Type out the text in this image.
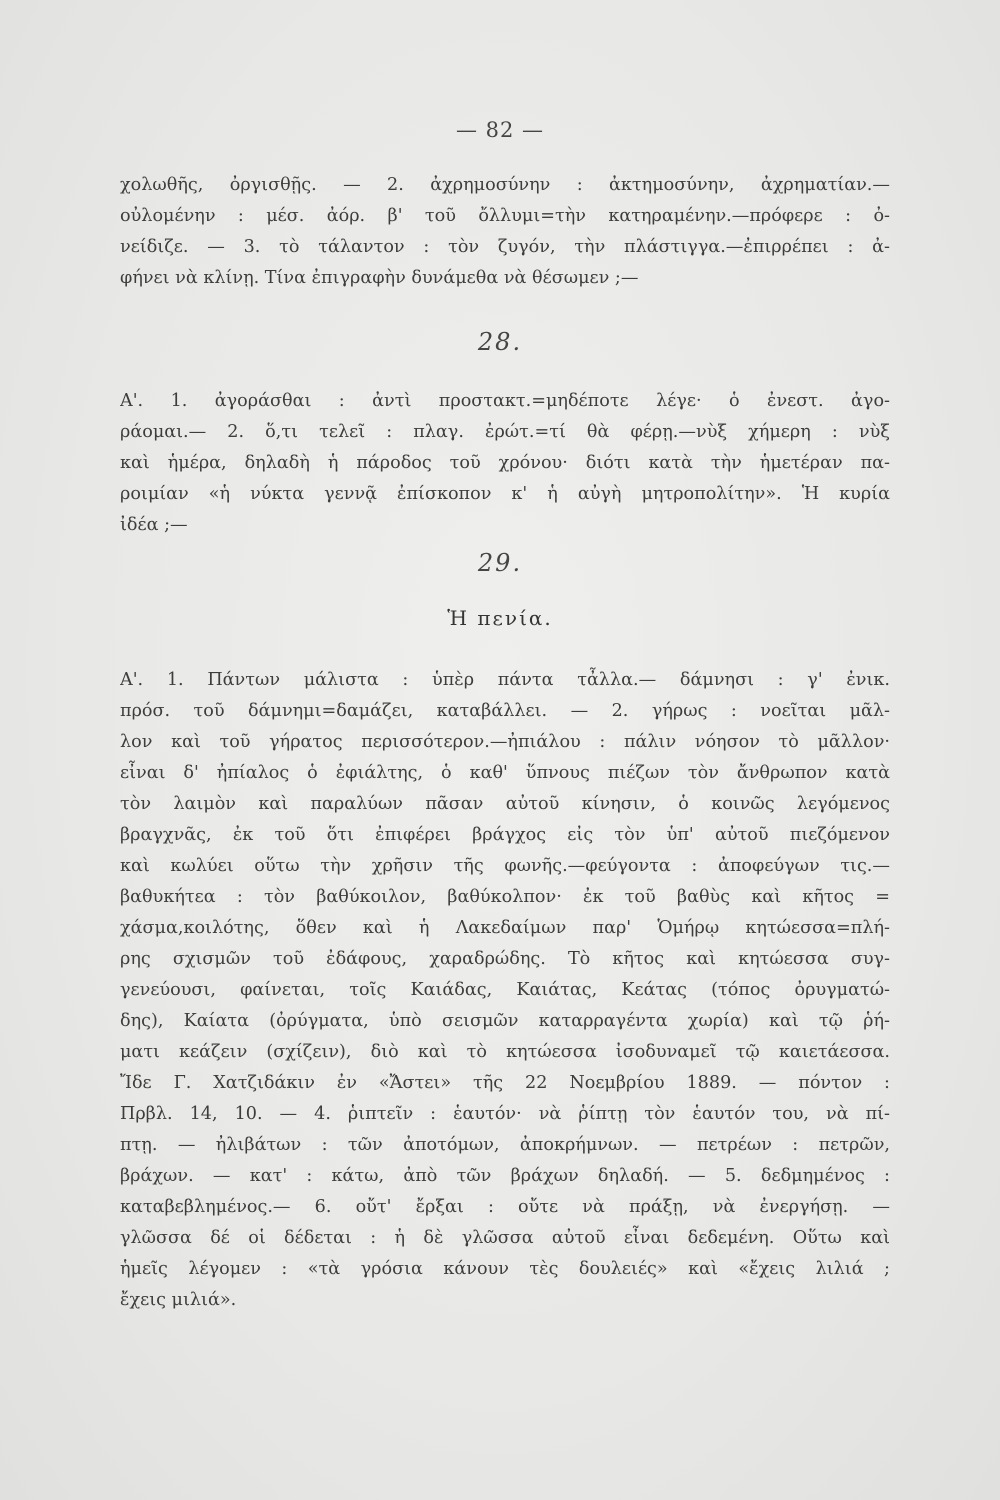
— 82 —
χολωθῆς, ὀργισθῇς. — 2. ἀχρημοσύνην : ἀκτημοσύνην, ἀχρηματίαν.—
οὐλομένην : μέσ. ἀόρ. β' τοῦ ὄλλυμι=τὴν κατηραμένην.—πρόφερε : ὀ-
νείδιζε. — 3. τὸ τάλαντον : τὸν ζυγόν, τὴν πλάστιγγα.—ἐπιρρέπει : ἀ-
φήνει νὰ κλίνῃ. Τίνα ἐπιγραφὴν δυνάμεθα νὰ θέσωμεν ;—
28.
Α'. 1. ἀγοράσθαι : ἀντὶ προστακτ.=μηδέποτε λέγε· ὁ ἐνεστ. ἀγο-
ράομαι.— 2. ὅ,τι τελεῖ : πλαγ. ἐρώτ.=τί θὰ φέρῃ.—νὺξ χήμερη : νὺξ
καὶ ἡμέρα, δηλαδὴ ἡ πάροδος τοῦ χρόνου· διότι κατὰ τὴν ἡμετέραν πα-
ροιμίαν «ἡ νύκτα γεννᾷ ἐπίσκοπον κ' ἡ αὐγὴ μητροπολίτην». Ἡ κυρία
ἰδέα ;—
29.
Ἡ πενία.
Α'. 1. Πάντων μάλιστα : ὑπὲρ πάντα τἆλλα.— δάμνησι : γ' ἐνικ.
πρόσ. τοῦ δάμνημι=δαμάζει, καταβάλλει. — 2. γήρως : νοεῖται μᾶλ-
λον καὶ τοῦ γήρατος περισσότερον.—ἠπιάλου : πάλιν νόησον τὸ μᾶλλον·
εἶναι δ' ἠπίαλος ὁ ἐφιάλτης, ὁ καθ' ὕπνους πιέζων τὸν ἄνθρωπον κατὰ
τὸν λαιμὸν καὶ παραλύων πᾶσαν αὐτοῦ κίνησιν, ὁ κοινῶς λεγόμενος
βραγχνᾶς, ἐκ τοῦ ὅτι ἐπιφέρει βράγχος εἰς τὸν ὑπ' αὐτοῦ πιεζόμενον
καὶ κωλύει οὕτω τὴν χρῆσιν τῆς φωνῆς.—φεύγοντα : ἀποφεύγων τις.—
βαθυκήτεα : τὸν βαθύκοιλον, βαθύκολπον· ἐκ τοῦ βαθὺς καὶ κῆτος =
χάσμα,κοιλότης, ὅθεν καὶ ἡ Λακεδαίμων παρ' Ὁμήρῳ κητώεσσα=πλή-
ρης σχισμῶν τοῦ ἐδάφους, χαραδρώδης. Τὸ κῆτος καὶ κητώεσσα συγ-
γενεύουσι, φαίνεται, τοῖς Καιάδας, Καιάτας, Κεάτας (τόπος ὀρυγματώ-
δης), Καίατα (ὀρύγματα, ὑπὸ σεισμῶν καταρραγέντα χωρία) καὶ τῷ ῥή-
ματι κεάζειν (σχίζειν), διὸ καὶ τὸ κητώεσσα ἰσοδυναμεῖ τῷ καιετάεσσα.
Ἴδε Γ. Χατζιδάκιν ἐν «Ἄστει» τῆς 22 Νοεμβρίου 1889. — πόντον :
Πρβλ. 14, 10. — 4. ῥιπτεῖν : ἑαυτόν· νὰ ῥίπτῃ τὸν ἑαυτόν του, νὰ πί-
πτῃ. — ἠλιβάτων : τῶν ἀποτόμων, ἀποκρήμνων. — πετρέων : πετρῶν,
βράχων. — κατ' : κάτω, ἀπὸ τῶν βράχων δηλαδή. — 5. δεδμημένος :
καταβεβλημένος.— 6. οὔτ' ἔρξαι : οὔτε νὰ πράξῃ, νὰ ἐνεργήσῃ. —
γλῶσσα δέ οἱ δέδεται : ἡ δὲ γλῶσσα αὐτοῦ εἶναι δεδεμένη. Οὕτω καὶ
ἡμεῖς λέγομεν : «τὰ γρόσια κάνουν τὲς δουλειές» καὶ «ἔχεις λιλιά ;
ἔχεις μιλιά».
